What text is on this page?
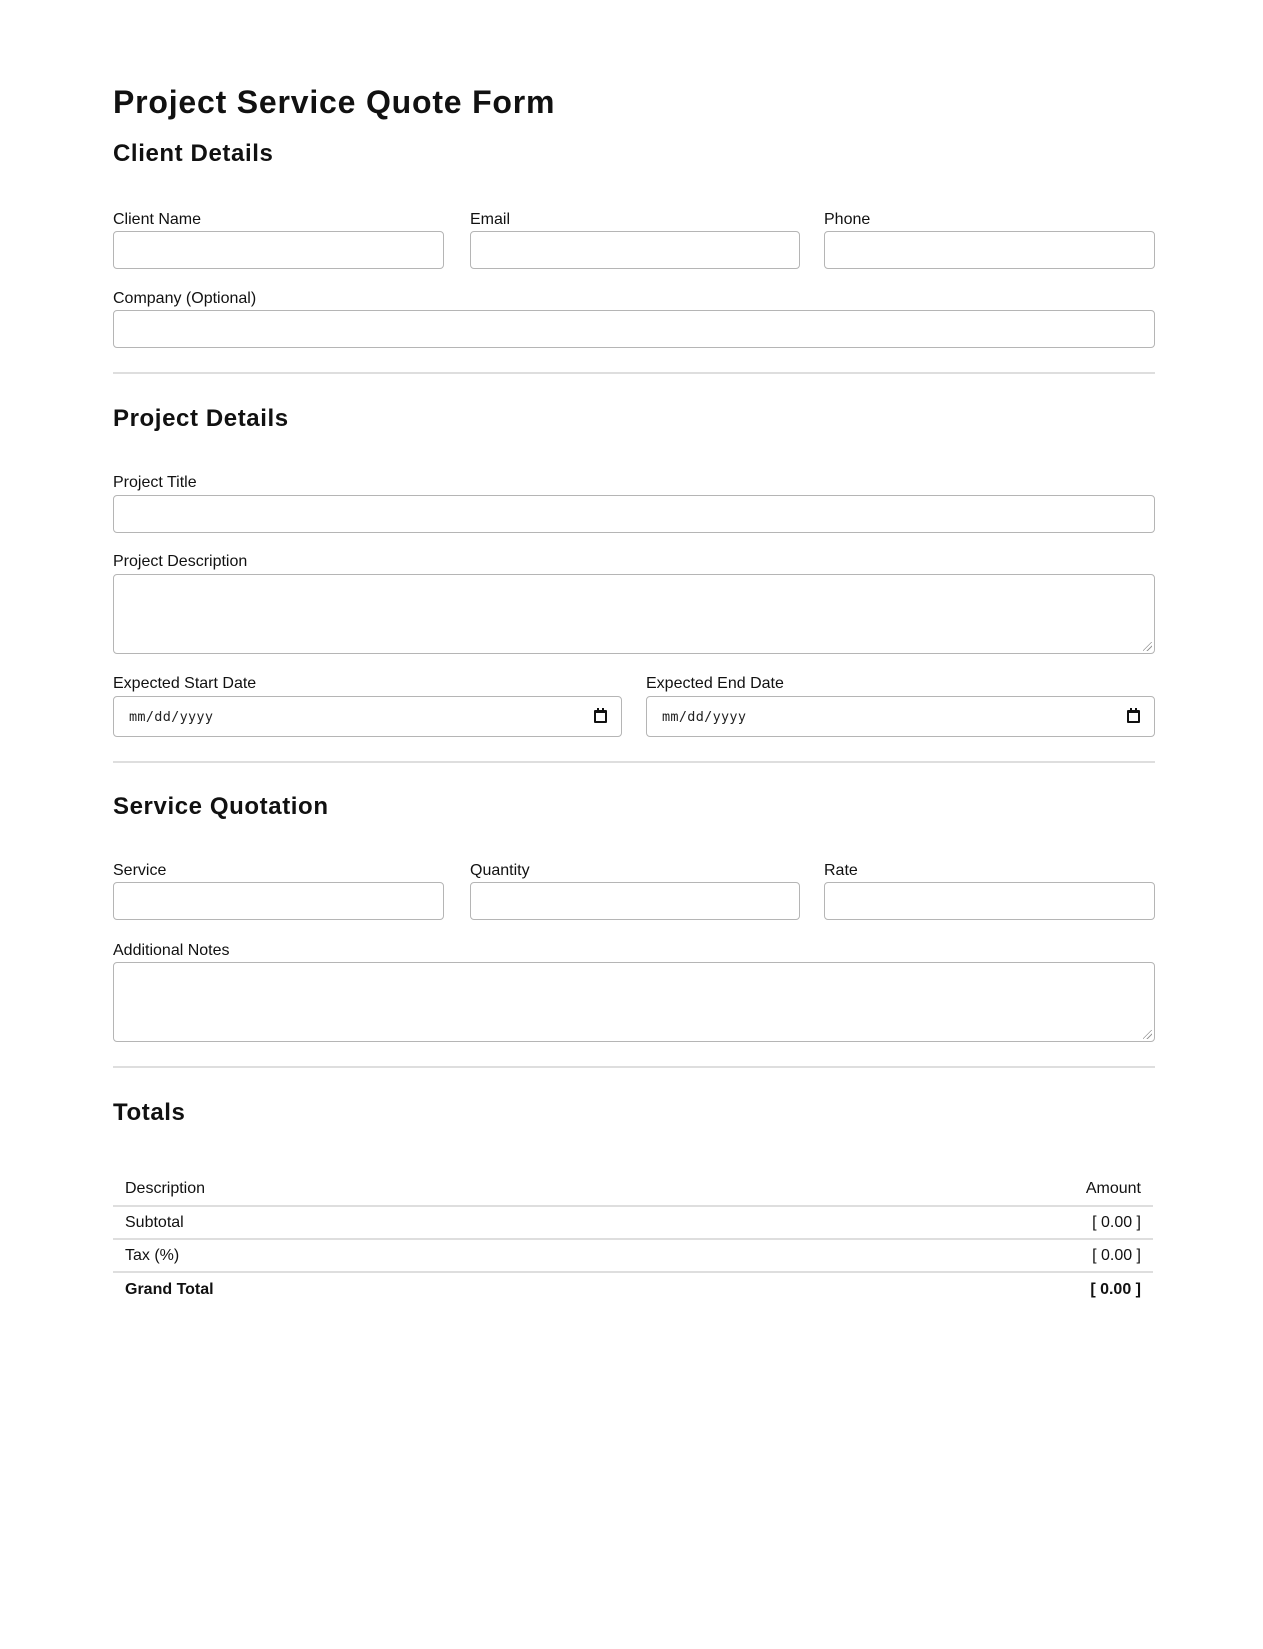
Project Service Quote Form
Client Details
Client Name	Email	Phone
Company (Optional)
Project Details
Project Title
Project Description
Expected Start Date
mm/dd/yyyy
Expected End Date
mm/dd/yyyy
Service Quotation
Service	Quantity	Rate
Additional Notes
Totals
Description	Amount
Subtotal	[ 0.00 ]
Tax (%)	[ 0.00 ]
Grand Total	[ 0.00 ]
